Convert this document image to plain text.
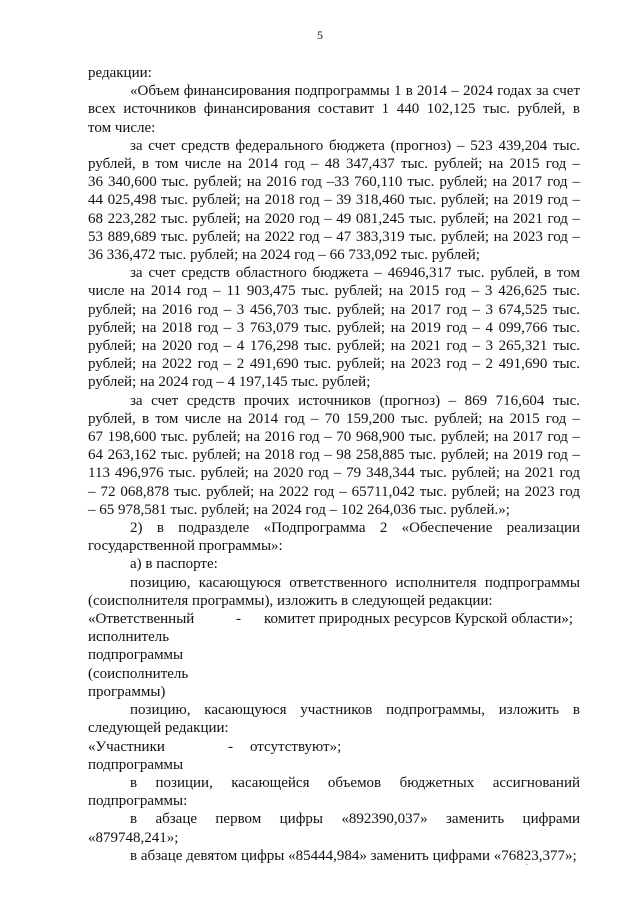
5

редакции:

«Объем финансирования подпрограммы 1 в 2014 – 2024 годах за счет

всех источников финансирования составит 1 440 102,125 тыс. рублей, в

том числе:

за счет средств федерального бюджета (прогноз) – 523 439,204 тыс.

рублей, в том числе на 2014 год – 48 347,437 тыс. рублей; на 2015 год –

36 340,600 тыс. рублей; на 2016 год –33 760,110 тыс. рублей; на 2017 год –

44 025,498 тыс. рублей; на 2018 год – 39 318,460 тыс. рублей; на 2019 год –

68 223,282 тыс. рублей; на 2020 год – 49 081,245 тыс. рублей; на 2021 год –

53 889,689 тыс. рублей; на 2022 год – 47 383,319 тыс. рублей; на 2023 год –

36 336,472 тыс. рублей; на 2024 год – 66 733,092 тыс. рублей;

за счет средств областного бюджета – 46946,317 тыс. рублей, в том

числе на 2014 год – 11 903,475 тыс. рублей; на 2015 год – 3 426,625 тыс.

рублей; на 2016 год – 3 456,703 тыс. рублей; на 2017 год – 3 674,525 тыс.

рублей; на 2018 год – 3 763,079 тыс. рублей; на 2019 год – 4 099,766 тыс.

рублей; на 2020 год – 4 176,298 тыс. рублей; на 2021 год – 3 265,321 тыс.

рублей; на 2022 год – 2 491,690 тыс. рублей; на 2023 год – 2 491,690 тыс.

рублей; на 2024 год – 4 197,145 тыс. рублей;

за счет средств прочих источников (прогноз) – 869 716,604 тыс.

рублей, в том числе на 2014 год – 70 159,200 тыс. рублей; на 2015 год –

67 198,600 тыс. рублей; на 2016 год – 70 968,900 тыс. рублей; на 2017 год –

64 263,162 тыс. рублей; на 2018 год – 98 258,885 тыс. рублей; на 2019 год –

113 496,976 тыс. рублей; на 2020 год – 79 348,344 тыс. рублей; на 2021 год

– 72 068,878 тыс. рублей; на 2022 год – 65711,042 тыс. рублей; на 2023 год

– 65 978,581 тыс. рублей; на 2024 год – 102 264,036 тыс. рублей.»;

2) в подразделе «Подпрограмма 2 «Обеспечение реализации

государственной программы»:

а) в паспорте:

позицию, касающуюся ответственного исполнителя подпрограммы

(соисполнителя программы), изложить в следующей редакции:

«Ответственный	- комитет природных ресурсов Курской области»;

исполнитель

подпрограммы

(соисполнитель

программы)

позицию, касающуюся участников подпрограммы, изложить в

следующей редакции:

«Участники	- отсутствуют»;

подпрограммы

в позиции, касающейся объемов бюджетных ассигнований

подпрограммы:

в абзаце первом цифры «892390,037» заменить цифрами

«879748,241»;

в абзаце девятом цифры «85444,984» заменить цифрами «76823,377»;
